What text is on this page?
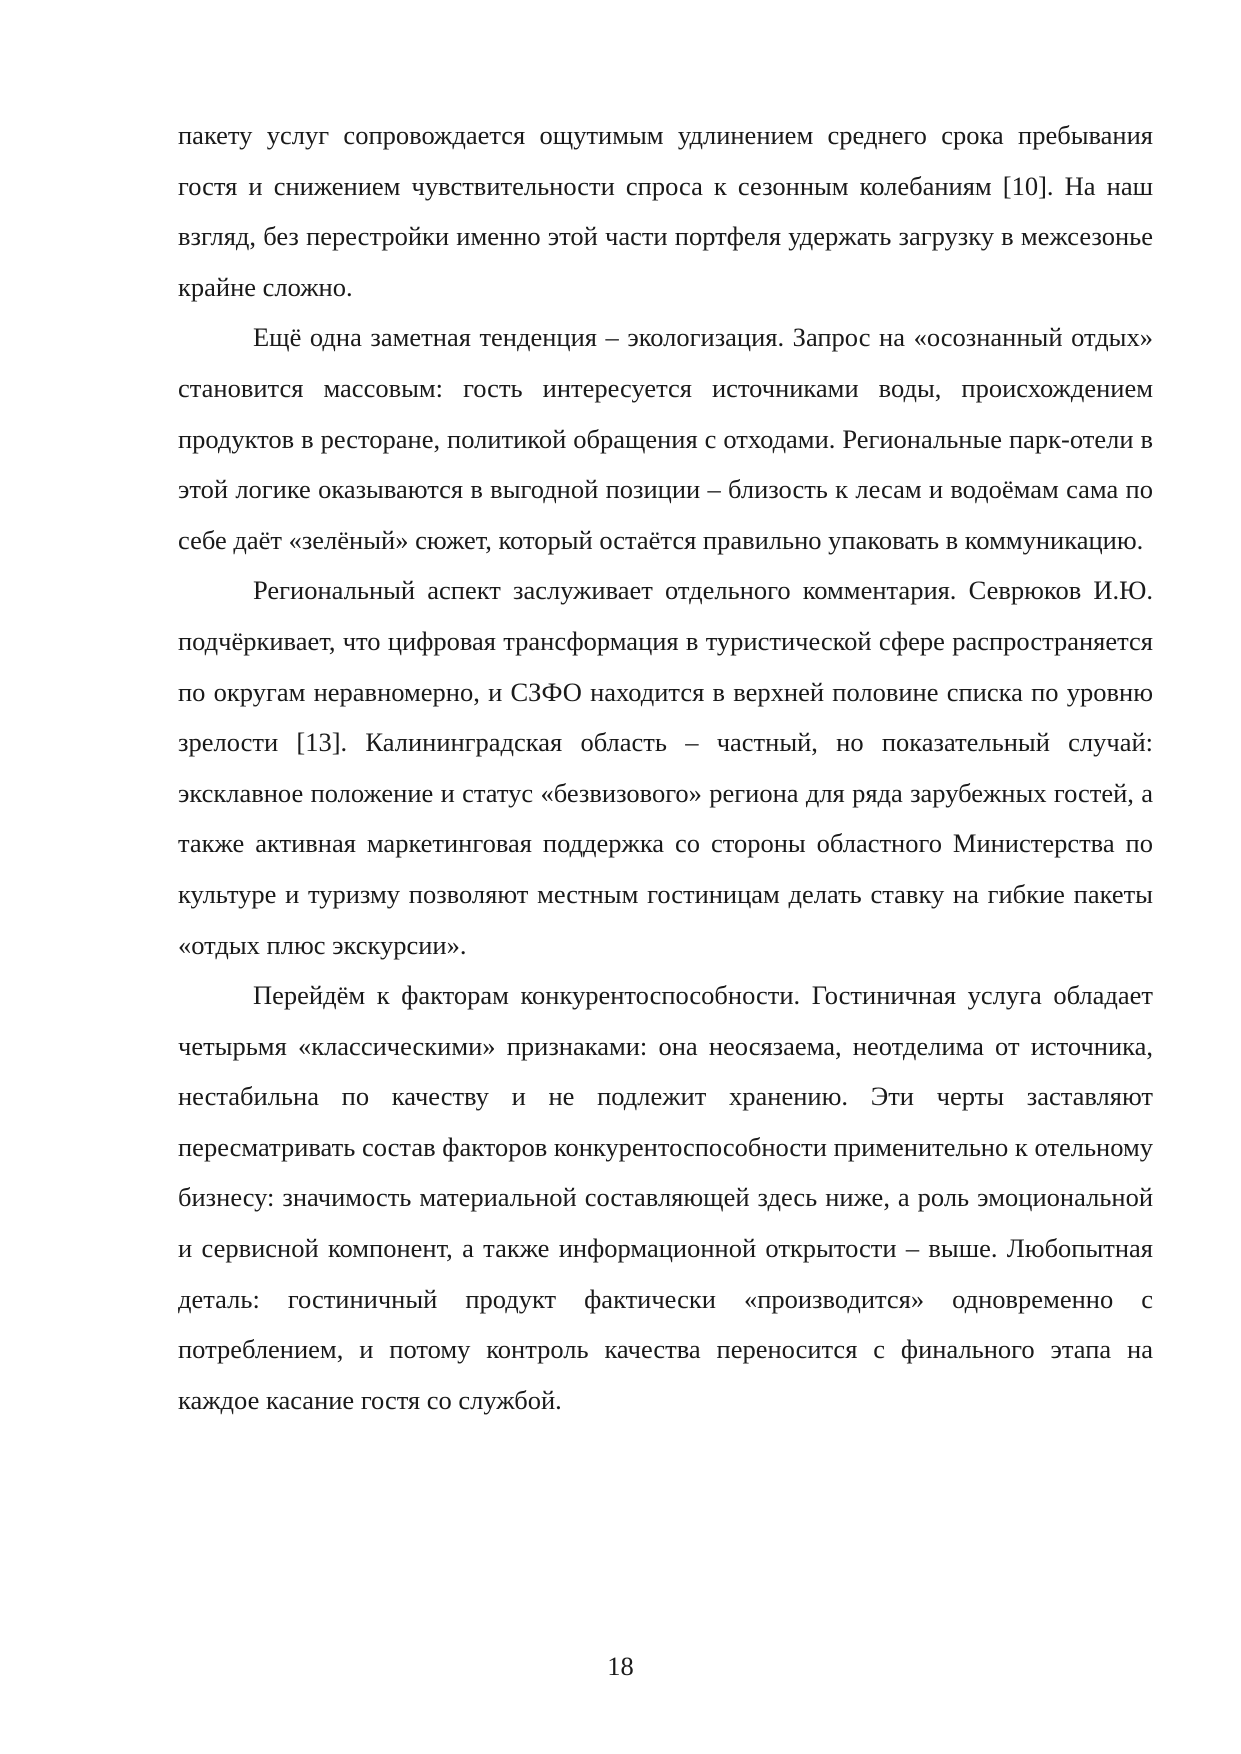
пакету услуг сопровождается ощутимым удлинением среднего срока пребывания гостя и снижением чувствительности спроса к сезонным колебаниям [10]. На наш взгляд, без перестройки именно этой части портфеля удержать загрузку в межсезонье крайне сложно.

Ещё одна заметная тенденция – экологизация. Запрос на «осознанный отдых» становится массовым: гость интересуется источниками воды, происхождением продуктов в ресторане, политикой обращения с отходами. Региональные парк-отели в этой логике оказываются в выгодной позиции – близость к лесам и водоёмам сама по себе даёт «зелёный» сюжет, который остаётся правильно упаковать в коммуникацию.

Региональный аспект заслуживает отдельного комментария. Севрюков И.Ю. подчёркивает, что цифровая трансформация в туристической сфере распространяется по округам неравномерно, и СЗФО находится в верхней половине списка по уровню зрелости [13]. Калининградская область – частный, но показательный случай: эксклавное положение и статус «безвизового» региона для ряда зарубежных гостей, а также активная маркетинговая поддержка со стороны областного Министерства по культуре и туризму позволяют местным гостиницам делать ставку на гибкие пакеты «отдых плюс экскурсии».

Перейдём к факторам конкурентоспособности. Гостиничная услуга обладает четырьмя «классическими» признаками: она неосязаема, неотделима от источника, нестабильна по качеству и не подлежит хранению. Эти черты заставляют пересматривать состав факторов конкурентоспособности применительно к отельному бизнесу: значимость материальной составляющей здесь ниже, а роль эмоциональной и сервисной компонент, а также информационной открытости – выше. Любопытная деталь: гостиничный продукт фактически «производится» одновременно с потреблением, и потому контроль качества переносится с финального этапа на каждое касание гостя со службой.

18
